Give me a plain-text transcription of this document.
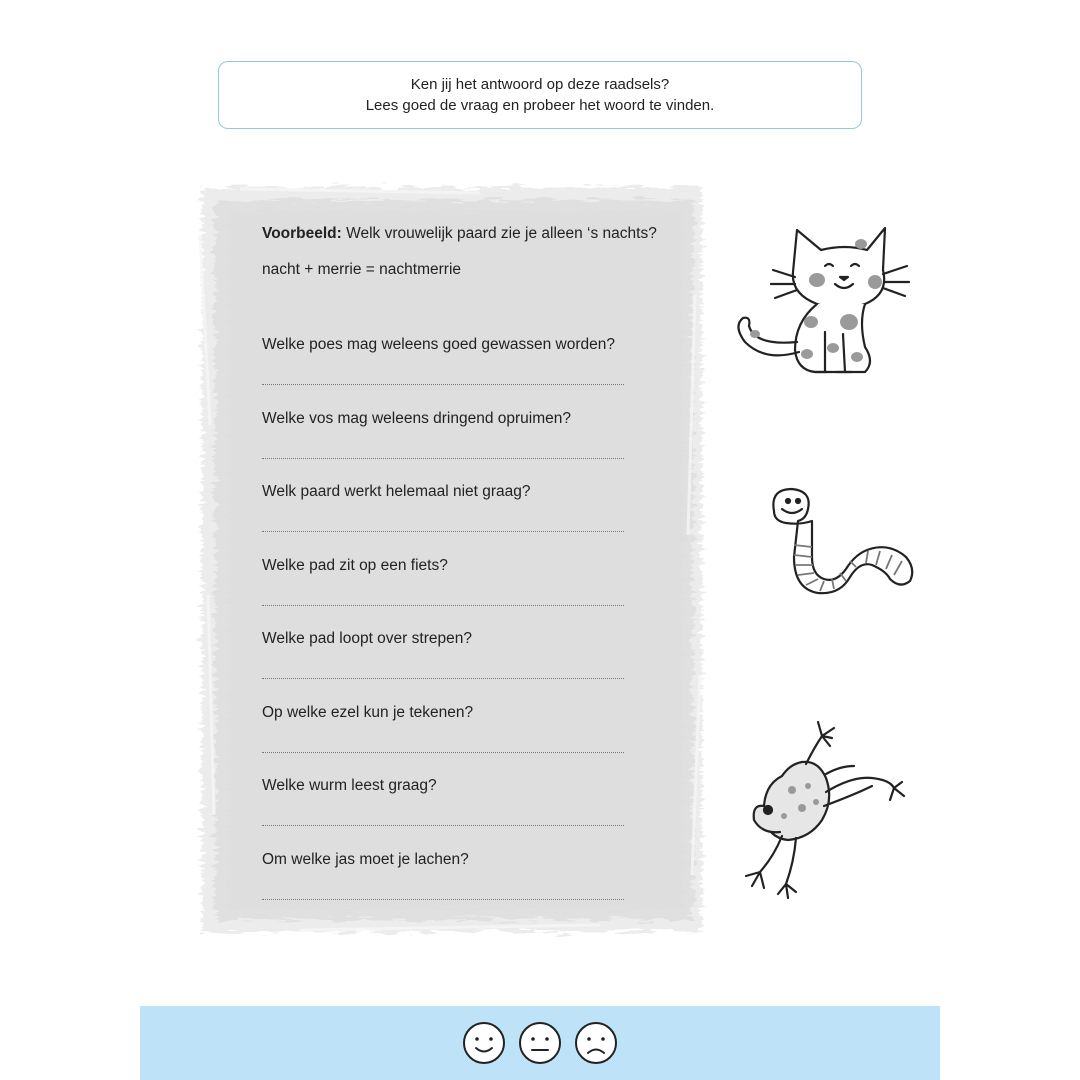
Ken jij het antwoord op deze raadsels?
Lees goed de vraag en probeer het woord te vinden.
Voorbeeld: Welk vrouwelijk paard zie je alleen ‘s nachts?
nacht + merrie = nachtmerrie
Welke poes mag weleens goed gewassen worden?
Welke vos mag weleens dringend opruimen?
Welk paard werkt helemaal niet graag?
Welke pad zit op een fiets?
Welke pad loopt over strepen?
Op welke ezel kun je tekenen?
Welke wurm leest graag?
Om welke jas moet je lachen?
